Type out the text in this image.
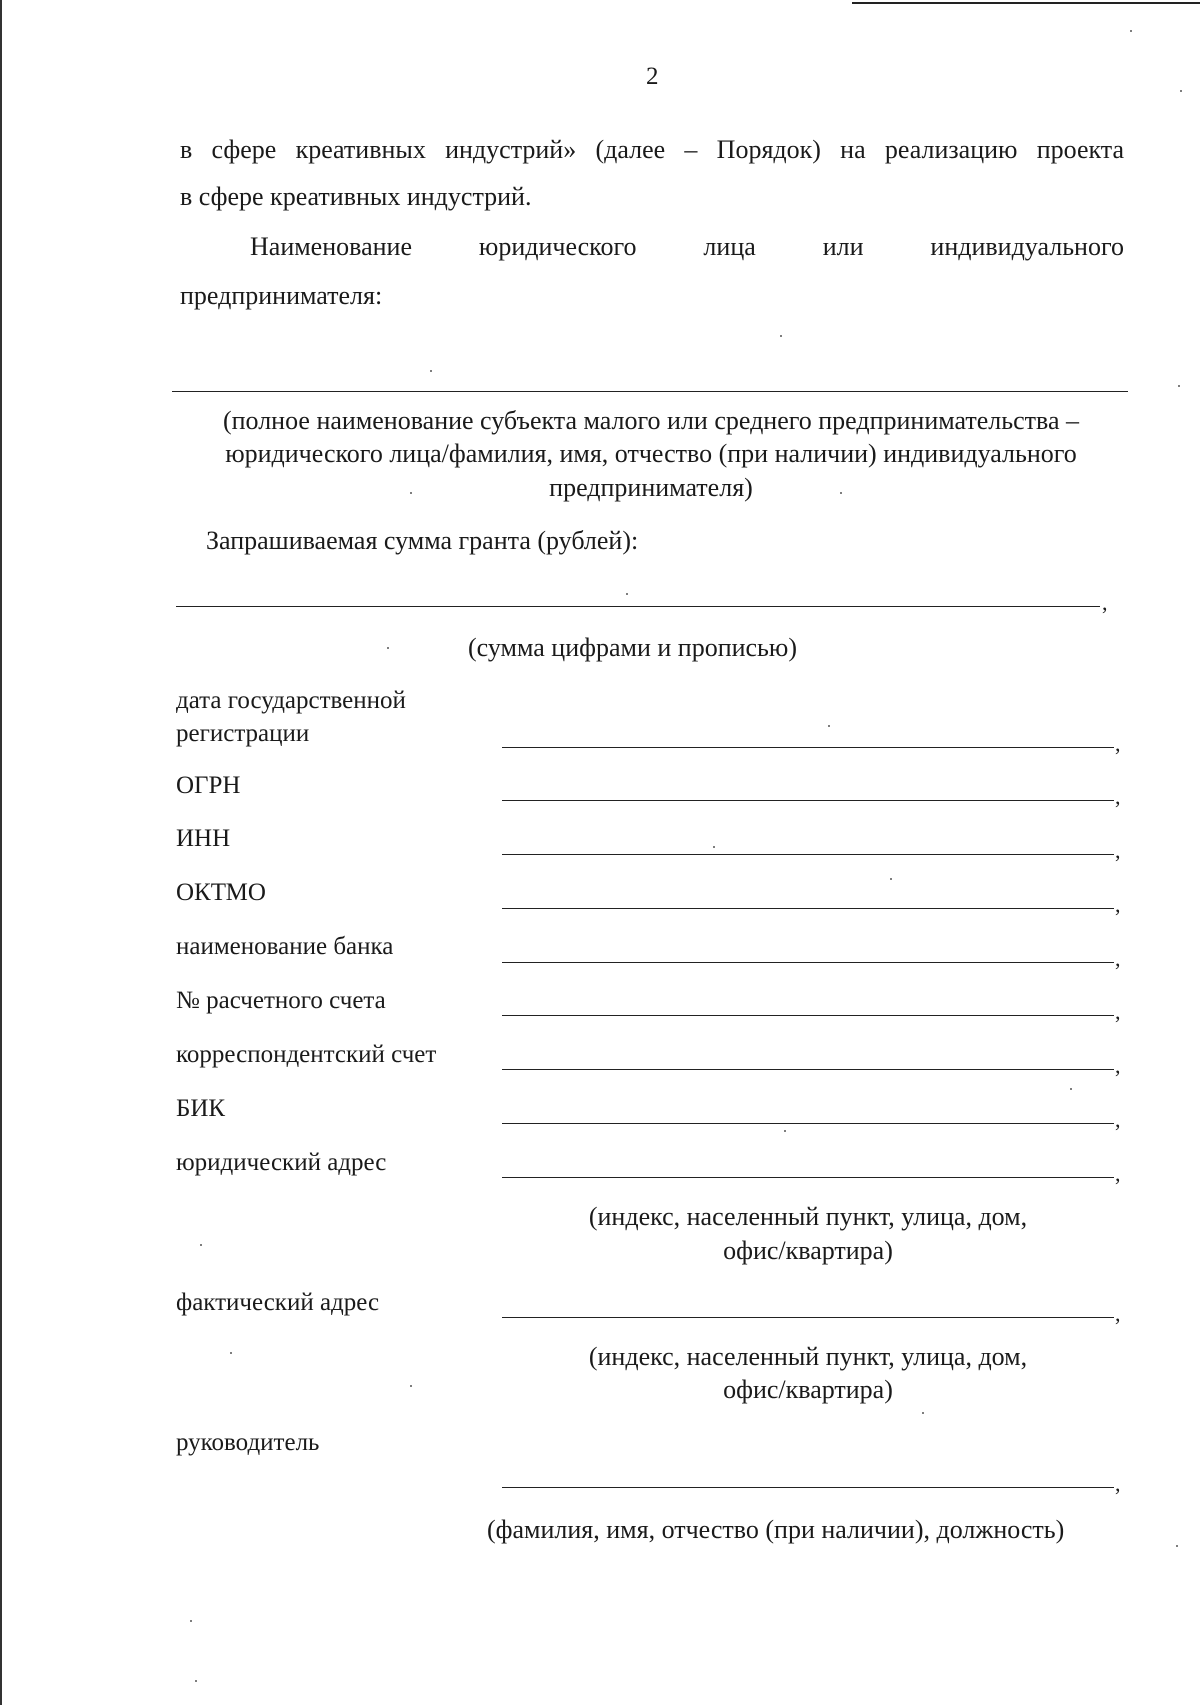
2
в сфере креативных индустрий» (далее – Порядок) на реализацию проекта
в сфере креативных индустрий.
Наименование юридического лица или индивидуального
предпринимателя:
(полное наименование субъекта малого или среднего предпринимательства –
юридического лица/фамилия, имя, отчество (при наличии) индивидуального
предпринимателя)
Запрашиваемая сумма гранта (рублей):
,
(сумма цифрами и прописью)
дата государственной
регистрации	,
ОГРН	,
ИНН	,
ОКТМО	,
наименование банка	,
№ расчетного счета	,
корреспондентский счет	,
БИК	,
юридический адрес	,
(индекс, населенный пункт, улица, дом,
офис/квартира)
фактический адрес	,
(индекс, населенный пункт, улица, дом,
офис/квартира)
руководитель
,
(фамилия, имя, отчество (при наличии), должность)
